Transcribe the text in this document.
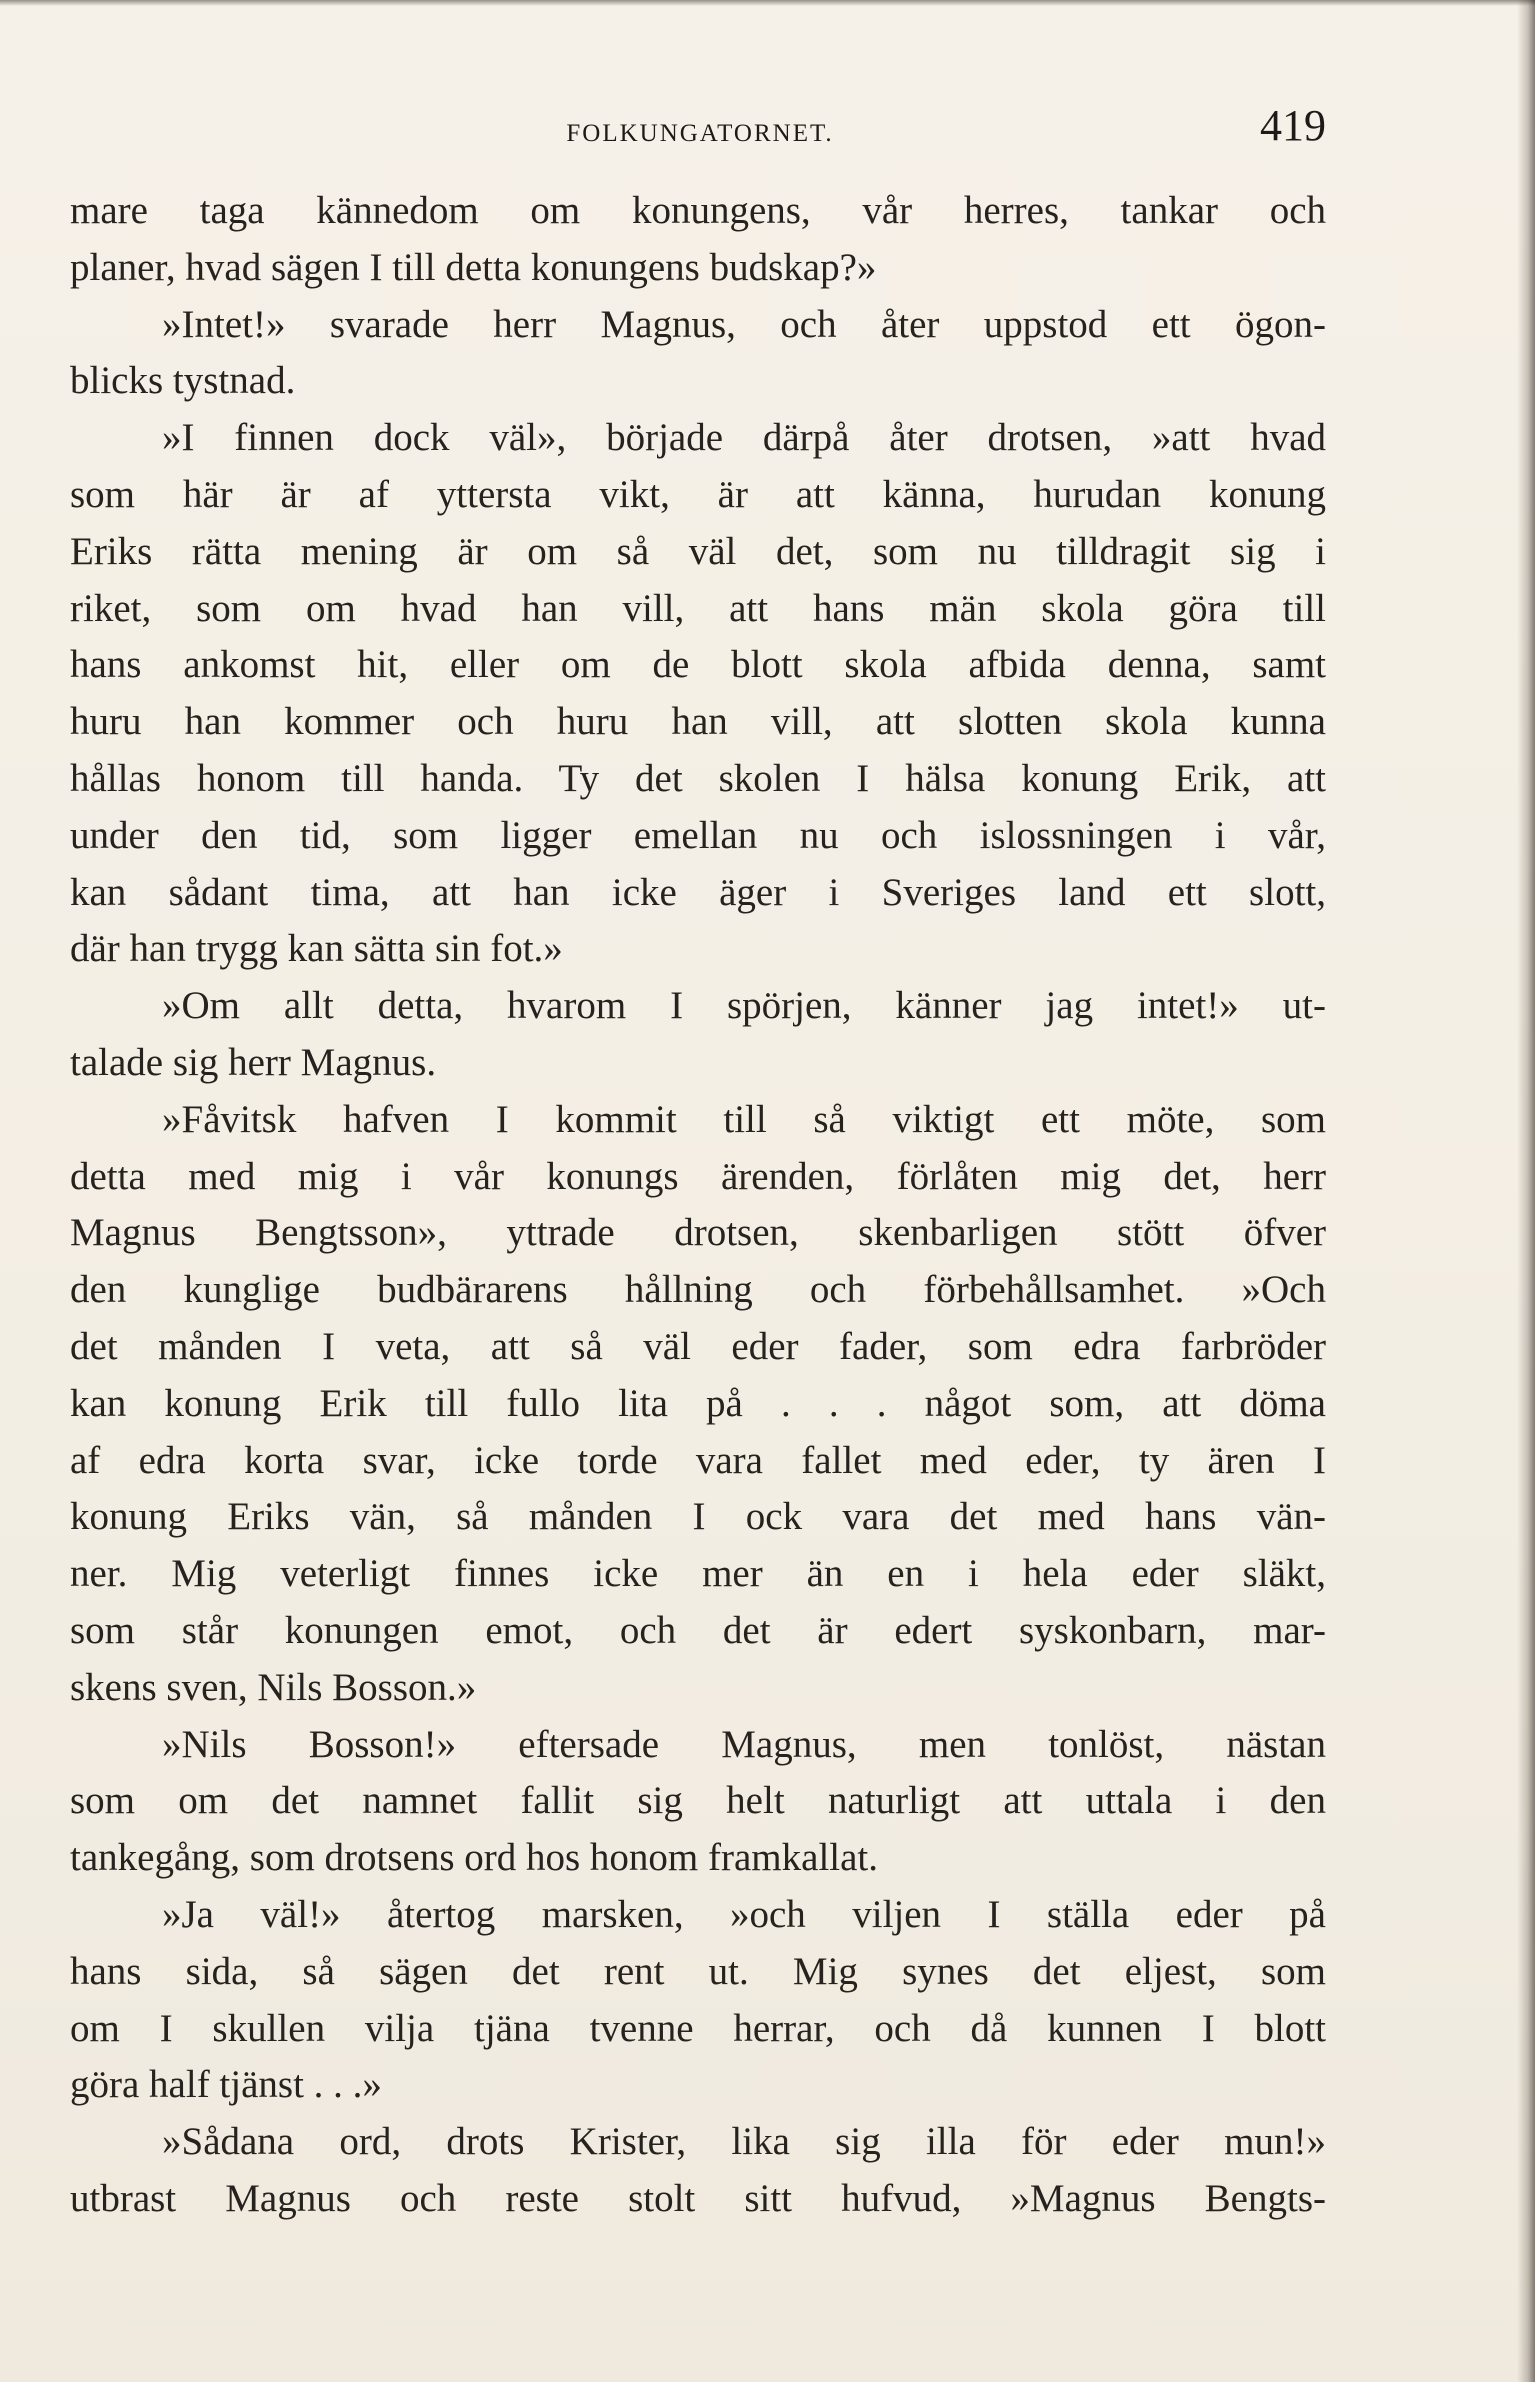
FOLKUNGATORNET.	419
mare taga kännedom om konungens, vår herres, tankar och
planer, hvad sägen I till detta konungens budskap?»
»Intet!» svarade herr Magnus, och åter uppstod ett ögon-
blicks tystnad.
»I finnen dock väl», började därpå åter drotsen, »att hvad
som här är af yttersta vikt, är att känna, hurudan konung
Eriks rätta mening är om så väl det, som nu tilldragit sig i
riket, som om hvad han vill, att hans män skola göra till
hans ankomst hit, eller om de blott skola afbida denna, samt
huru han kommer och huru han vill, att slotten skola kunna
hållas honom till handa. Ty det skolen I hälsa konung Erik, att
under den tid, som ligger emellan nu och islossningen i vår,
kan sådant tima, att han icke äger i Sveriges land ett slott,
där han trygg kan sätta sin fot.»
»Om allt detta, hvarom I spörjen, känner jag intet!» ut-
talade sig herr Magnus.
»Fåvitsk hafven I kommit till så viktigt ett möte, som
detta med mig i vår konungs ärenden, förlåten mig det, herr
Magnus Bengtsson», yttrade drotsen, skenbarligen stött öfver
den kunglige budbärarens hållning och förbehållsamhet. »Och
det månden I veta, att så väl eder fader, som edra farbröder
kan konung Erik till fullo lita på . . . något som, att döma
af edra korta svar, icke torde vara fallet med eder, ty ären I
konung Eriks vän, så månden I ock vara det med hans vän-
ner. Mig veterligt finnes icke mer än en i hela eder släkt,
som står konungen emot, och det är edert syskonbarn, mar-
skens sven, Nils Bosson.»
»Nils Bosson!» eftersade Magnus, men tonlöst, nästan
som om det namnet fallit sig helt naturligt att uttala i den
tankegång, som drotsens ord hos honom framkallat.
»Ja väl!» återtog marsken, »och viljen I ställa eder på
hans sida, så sägen det rent ut. Mig synes det eljest, som
om I skullen vilja tjäna tvenne herrar, och då kunnen I blott
göra half tjänst . . .»
»Sådana ord, drots Krister, lika sig illa för eder mun!»
utbrast Magnus och reste stolt sitt hufvud, »Magnus Bengts-
